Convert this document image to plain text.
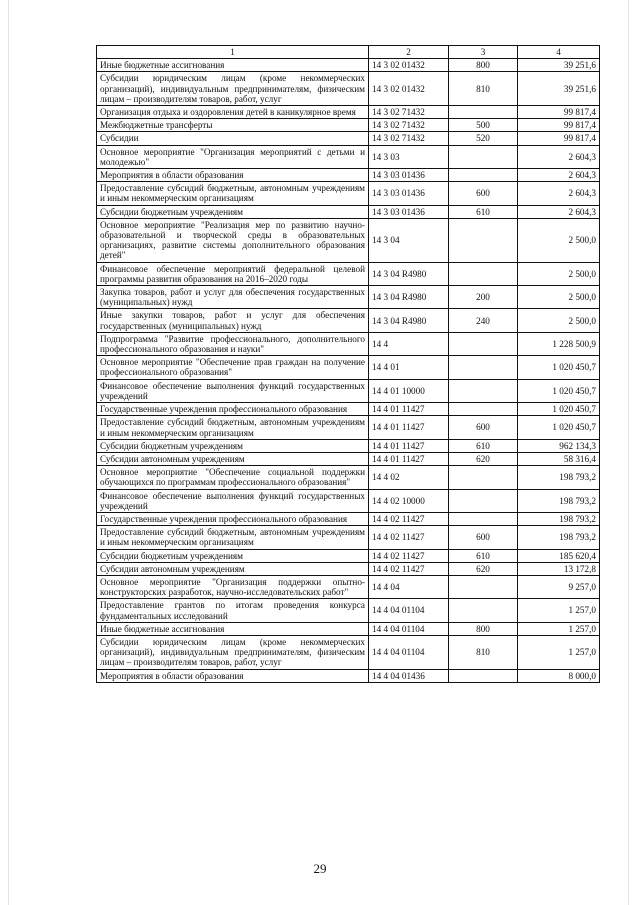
1	2	3	4
Иные бюджетные ассигнования	14 3 02 01432	800	39 251,6
Субсидии юридическим лицам (кроме некоммерческих организаций), индивидуальным предпринимателям, физическим лицам – производителям товаров, работ, услуг	14 3 02 01432	810	39 251,6
Организация отдыха и оздоровления детей в каникулярное время	14 3 02 71432		99 817,4
Межбюджетные трансферты	14 3 02 71432	500	99 817,4
Субсидии	14 3 02 71432	520	99 817,4
Основное мероприятие "Организация мероприятий с детьми и молодежью"	14 3 03		2 604,3
Мероприятия в области образования	14 3 03 01436		2 604,3
Предоставление субсидий бюджетным, автономным учреждениям и иным некоммерческим организациям	14 3 03 01436	600	2 604,3
Субсидии бюджетным учреждениям	14 3 03 01436	610	2 604,3
Основное мероприятие "Реализация мер по развитию научно-образовательной и творческой среды в образовательных организациях, развитие системы дополнительного образования детей"	14 3 04		2 500,0
Финансовое обеспечение мероприятий федеральной целевой программы развития образования на 2016–2020 годы	14 3 04 R4980		2 500,0
Закупка товаров, работ и услуг для обеспечения государственных (муниципальных) нужд	14 3 04 R4980	200	2 500,0
Иные закупки товаров, работ и услуг для обеспечения государственных (муниципальных) нужд	14 3 04 R4980	240	2 500,0
Подпрограмма "Развитие профессионального, дополнительного профессионального образования и науки"	14 4		1 228 500,9
Основное мероприятие "Обеспечение прав граждан на получение профессионального образования"	14 4 01		1 020 450,7
Финансовое обеспечение выполнения функций государственных учреждений	14 4 01 10000		1 020 450,7
Государственные учреждения профессионального образования	14 4 01 11427		1 020 450,7
Предоставление субсидий бюджетным, автономным учреждениям и иным некоммерческим организациям	14 4 01 11427	600	1 020 450,7
Субсидии бюджетным учреждениям	14 4 01 11427	610	962 134,3
Субсидии автономным учреждениям	14 4 01 11427	620	58 316,4
Основное мероприятие "Обеспечение социальной поддержки обучающихся по программам профессионального образования"	14 4 02		198 793,2
Финансовое обеспечение выполнения функций государственных учреждений	14 4 02 10000		198 793,2
Государственные учреждения профессионального образования	14 4 02 11427		198 793,2
Предоставление субсидий бюджетным, автономным учреждениям и иным некоммерческим организациям	14 4 02 11427	600	198 793,2
Субсидии бюджетным учреждениям	14 4 02 11427	610	185 620,4
Субсидии автономным учреждениям	14 4 02 11427	620	13 172,8
Основное мероприятие "Организация поддержки опытно-конструкторских разработок, научно-исследовательских работ"	14 4 04		9 257,0
Предоставление грантов по итогам проведения конкурса фундаментальных исследований	14 4 04 01104		1 257,0
Иные бюджетные ассигнования	14 4 04 01104	800	1 257,0
Субсидии юридическим лицам (кроме некоммерческих организаций), индивидуальным предпринимателям, физическим лицам – производителям товаров, работ, услуг	14 4 04 01104	810	1 257,0
Мероприятия в области образования	14 4 04 01436		8 000,0
29
